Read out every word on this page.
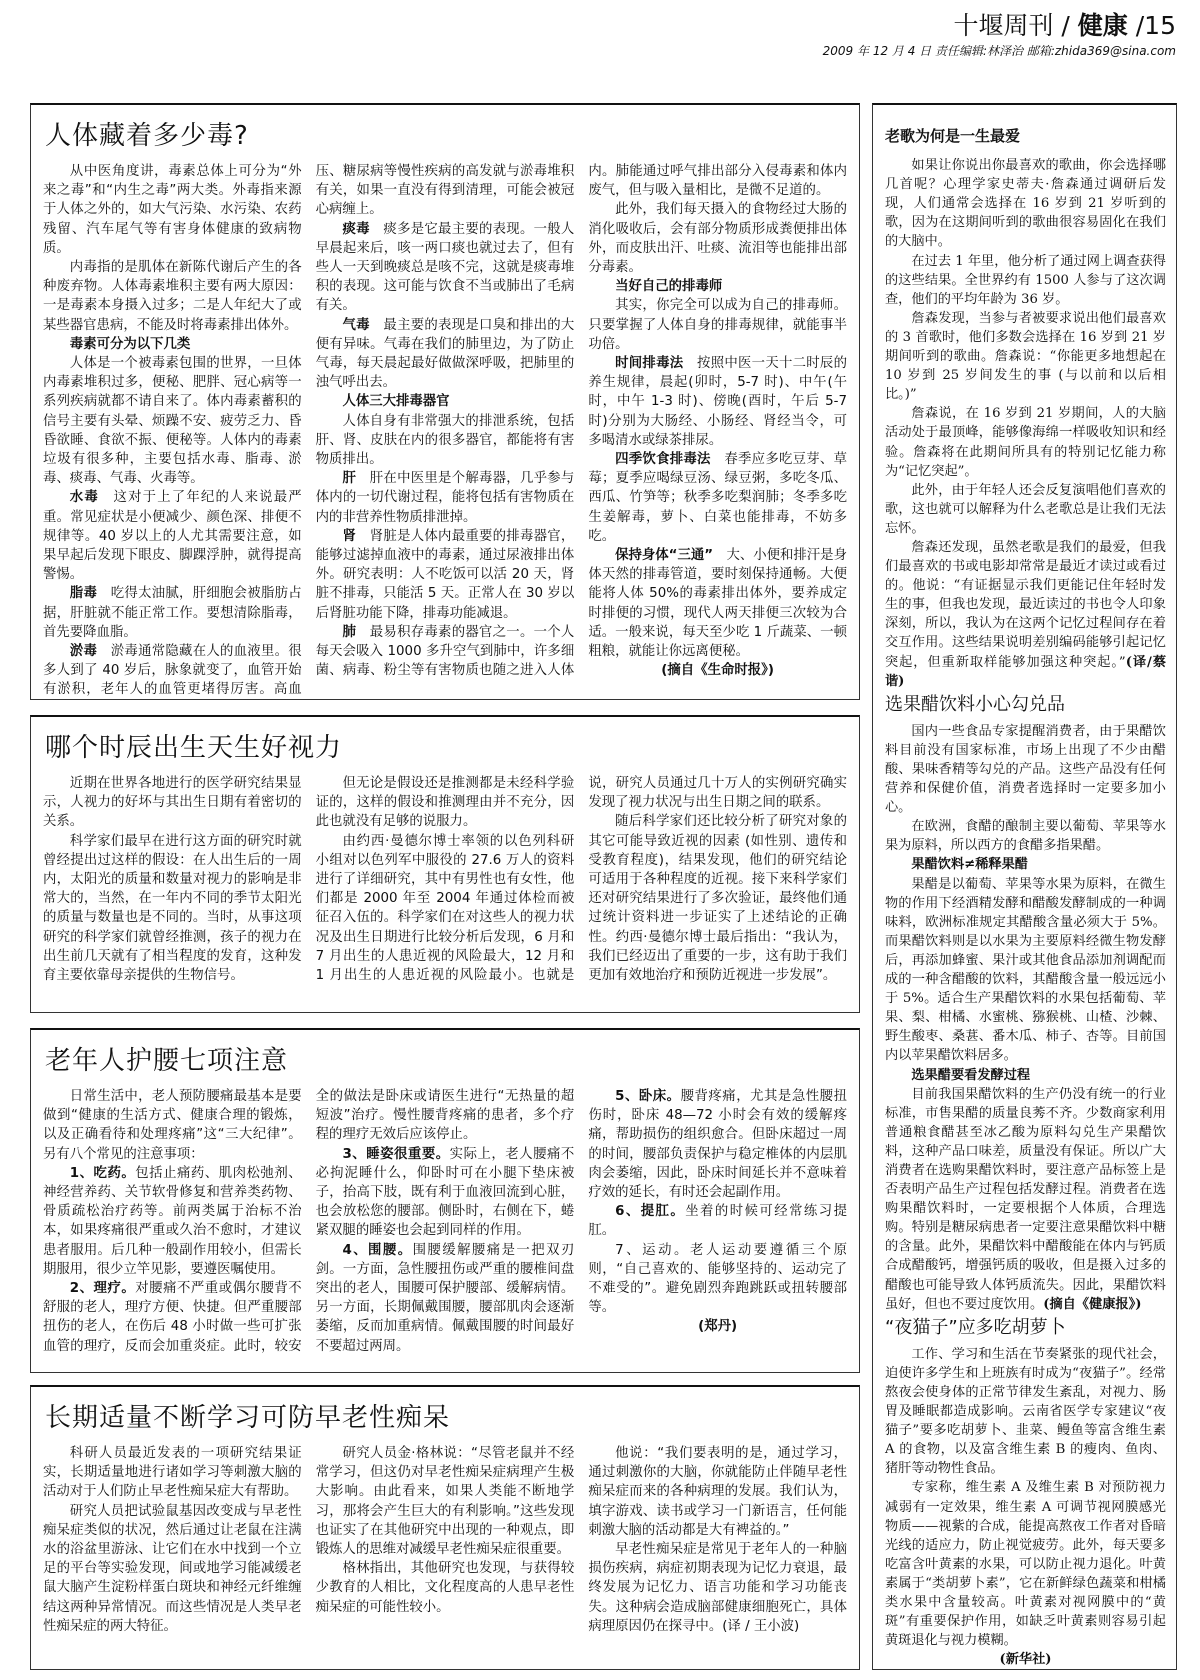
十堰周刊 / 健康 /15
2009 年 12 月 4 日 责任编辑:林泽治 邮箱:zhida369@sina.com
人体藏着多少毒?

从中医角度讲，毒素总体上可分为“外来之毒”和“内生之毒”两大类。外毒指来源于人体之外的，如大气污染、水污染、农药残留、汽车尾气等有害身体健康的致病物质。

内毒指的是肌体在新陈代谢后产生的各种废弃物。人体毒素堆积主要有两大原因：一是毒素本身摄入过多；二是人年纪大了或某些器官患病，不能及时将毒素排出体外。

毒素可分为以下几类

人体是一个被毒素包围的世界，一旦体内毒素堆积过多，便秘、肥胖、冠心病等一系列疾病就都不请自来了。体内毒素蓄积的信号主要有头晕、烦躁不安、疲劳乏力、昏昏欲睡、食欲不振、便秘等。人体内的毒素垃圾有很多种，主要包括水毒、脂毒、淤毒、痰毒、气毒、火毒等。

水毒　这对于上了年纪的人来说最严重。常见症状是小便减少、颜色深、排便不规律等。40 岁以上的人尤其需要注意，如果早起后发现下眼皮、脚踝浮肿，就得提高警惕。

脂毒　吃得太油腻，肝细胞会被脂肪占据，肝脏就不能正常工作。要想清除脂毒，首先要降血脂。

淤毒　淤毒通常隐藏在人的血液里。很多人到了 40 岁后，脉象就变了，血管开始有淤积，老年人的血管更堵得厉害。高血压、糖尿病等慢性疾病的高发就与淤毒堆积有关，如果一直没有得到清理，可能会被冠心病缠上。

痰毒　痰多是它最主要的表现。一般人早晨起来后，咳一两口痰也就过去了，但有些人一天到晚痰总是咳不完，这就是痰毒堆积的表现。这可能与饮食不当或肺出了毛病有关。

气毒　最主要的表现是口臭和排出的大便有异味。气毒在我们的肺里边，为了防止气毒，每天晨起最好做做深呼吸，把肺里的浊气呼出去。

人体三大排毒器官

人体自身有非常强大的排泄系统，包括肝、肾、皮肤在内的很多器官，都能将有害物质排出。

肝　肝在中医里是个解毒器，几乎参与体内的一切代谢过程，能将包括有害物质在内的非营养性物质排泄掉。

肾　肾脏是人体内最重要的排毒器官，能够过滤掉血液中的毒素，通过尿液排出体外。研究表明：人不吃饭可以活 20 天，肾脏不排毒，只能活 5 天。正常人在 30 岁以后肾脏功能下降，排毒功能减退。

肺　最易积存毒素的器官之一。一个人每天会吸入 1000 多升空气到肺中，许多细菌、病毒、粉尘等有害物质也随之进入人体内。肺能通过呼气排出部分入侵毒素和体内废气，但与吸入量相比，是微不足道的。

此外，我们每天摄入的食物经过大肠的消化吸收后，会有部分物质形成粪便排出体外，而皮肤出汗、吐痰、流泪等也能排出部分毒素。

当好自己的排毒师

其实，你完全可以成为自己的排毒师。只要掌握了人体自身的排毒规律，就能事半功倍。

时间排毒法　按照中医一天十二时辰的养生规律，晨起(卯时，5-7 时)、中午(午时，中午 1-3 时)、傍晚(酉时，午后 5-7 时)分别为大肠经、小肠经、肾经当令，可多喝清水或绿茶排尿。

四季饮食排毒法　春季应多吃豆芽、草莓；夏季应喝绿豆汤、绿豆粥，多吃冬瓜、西瓜、竹笋等；秋季多吃梨润肺；冬季多吃生姜解毒，萝卜、白菜也能排毒，不妨多吃。

保持身体“三通”　大、小便和排汗是身体天然的排毒管道，要时刻保持通畅。大便能将人体 50%的毒素排出体外，要养成定时排便的习惯，现代人两天排便三次较为合适。一般来说，每天至少吃 1 斤蔬菜、一顿粗粮，就能让你远离便秘。

(摘自《生命时报》)

哪个时辰出生天生好视力

近期在世界各地进行的医学研究结果显示，人视力的好坏与其出生日期有着密切的关系。

科学家们最早在进行这方面的研究时就曾经提出过这样的假设：在人出生后的一周内，太阳光的质量和数量对视力的影响是非常大的，当然，在一年内不同的季节太阳光的质量与数量也是不同的。当时，从事这项研究的科学家们就曾经推测，孩子的视力在出生前几天就有了相当程度的发育，这种发育主要依靠母亲提供的生物信号。

但无论是假设还是推测都是未经科学验证的，这样的假设和推测理由并不充分，因此也就没有足够的说服力。

由约西·曼德尔博士率领的以色列科研小组对以色列军中服役的 27.6 万人的资料进行了详细研究，其中有男性也有女性，他们都是 2000 年至 2004 年通过体检而被征召入伍的。科学家们在对这些人的视力状况及出生日期进行比较分析后发现，6 月和 7 月出生的人患近视的风险最大，12 月和 1 月出生的人患近视的风险最小。也就是说，研究人员通过几十万人的实例研究确实发现了视力状况与出生日期之间的联系。

随后科学家们还比较分析了研究对象的其它可能导致近视的因素 (如性别、遗传和受教育程度)，结果发现，他们的研究结论可适用于各种程度的近视。接下来科学家们还对研究结果进行了多次验证，最终他们通过统计资料进一步证实了上述结论的正确性。约西·曼德尔博士最后指出：“我认为，我们已经迈出了重要的一步，这有助于我们更加有效地治疗和预防近视进一步发展”。

老年人护腰七项注意

日常生活中，老人预防腰痛最基本是要做到“健康的生活方式、健康合理的锻炼，以及正确看待和处理疼痛”这“三大纪律”。另有八个常见的注意事项：

1、吃药。包括止痛药、肌肉松弛剂、神经营养药、关节软骨修复和营养类药物、骨质疏松治疗药等。前两类属于治标不治本，如果疼痛很严重或久治不愈时，才建议患者服用。后几种一般副作用较小，但需长期服用，很少立竿见影，要遵医嘱使用。

2、理疗。对腰痛不严重或偶尔腰背不舒服的老人，理疗方便、快捷。但严重腰部扭伤的老人，在伤后 48 小时做一些可扩张血管的理疗，反而会加重炎症。此时，较安全的做法是卧床或请医生进行“无热量的超短波”治疗。慢性腰背疼痛的患者，多个疗程的理疗无效后应该停止。

3、睡姿很重要。实际上，老人腰痛不必拘泥睡什么，仰卧时可在小腿下垫床被子，抬高下肢，既有利于血液回流到心脏，也会放松您的腰部。侧卧时，右侧在下，蜷紧双腿的睡姿也会起到同样的作用。

4、围腰。围腰缓解腰痛是一把双刃剑。一方面，急性腰扭伤或严重的腰椎间盘突出的老人，围腰可保护腰部、缓解病情。另一方面，长期佩戴围腰，腰部肌肉会逐渐萎缩，反而加重病情。佩戴围腰的时间最好不要超过两周。

5、卧床。腰背疼痛，尤其是急性腰扭伤时，卧床 48—72 小时会有效的缓解疼痛，帮助损伤的组织愈合。但卧床超过一周的时间，腰部负责保护与稳定椎体的内层肌肉会萎缩，因此，卧床时间延长并不意味着疗效的延长，有时还会起副作用。

6、提肛。坐着的时候可经常练习提肛。

7、运动。老人运动要遵循三个原则，“自己喜欢的、能够坚持的、运动完了不难受的”。避免剧烈奔跑跳跃或扭转腰部等。

(郑丹)

长期适量不断学习可防早老性痴呆

科研人员最近发表的一项研究结果证实，长期适量地进行诸如学习等刺激大脑的活动对于人们防止早老性痴呆症大有帮助。

研究人员把试验鼠基因改变成与早老性痴呆症类似的状况，然后通过让老鼠在注满水的浴盆里游泳、让它们在水中找到一个立足的平台等实验发现，间或地学习能减缓老鼠大脑产生淀粉样蛋白斑块和神经元纤维缠结这两种异常情况。而这些情况是人类早老性痴呆症的两大特征。

研究人员金·格林说：“尽管老鼠并不经常学习，但这仍对早老性痴呆症病理产生极大影响。由此看来，如果人类能不断地学习，那将会产生巨大的有利影响。”这些发现也证实了在其他研究中出现的一种观点，即锻炼人的思维对减缓早老性痴呆症很重要。

格林指出，其他研究也发现，与获得较少教育的人相比，文化程度高的人患早老性痴呆症的可能性较小。

他说：“我们要表明的是，通过学习，通过刺激你的大脑，你就能防止伴随早老性痴呆症而来的各种病理的发展。我们认为，填字游戏、读书或学习一门新语言，任何能刺激大脑的活动都是大有裨益的。”

早老性痴呆症是常见于老年人的一种脑损伤疾病，病症初期表现为记忆力衰退，最终发展为记忆力、语言功能和学习功能丧失。这种病会造成脑部健康细胞死亡，具体病理原因仍在探寻中。(译 / 王小波)

老歌为何是一生最爱

如果让你说出你最喜欢的歌曲，你会选择哪几首呢？心理学家史蒂夫·詹森通过调研后发现，人们通常会选择在 16 岁到 21 岁听到的歌，因为在这期间听到的歌曲很容易固化在我们的大脑中。

在过去 1 年里，他分析了通过网上调查获得的这些结果。全世界约有 1500 人参与了这次调查，他们的平均年龄为 36 岁。

詹森发现，当参与者被要求说出他们最喜欢的 3 首歌时，他们多数会选择在 16 岁到 21 岁期间听到的歌曲。詹森说：“你能更多地想起在 10 岁到 25 岁间发生的事 (与以前和以后相比。)”

詹森说，在 16 岁到 21 岁期间，人的大脑活动处于最顶峰，能够像海绵一样吸收知识和经验。詹森将在此期间所具有的特别记忆能力称为“记忆突起”。

此外，由于年轻人还会反复演唱他们喜欢的歌，这也就可以解释为什么老歌总是让我们无法忘怀。

詹森还发现，虽然老歌是我们的最爱，但我们最喜欢的书或电影却常常是最近才读过或看过的。他说：“有证据显示我们更能记住年轻时发生的事，但我也发现，最近读过的书也令人印象深刻，所以，我认为在这两个记忆过程间存在着交互作用。这些结果说明差别编码能够引起记忆突起，但重新取样能够加强这种突起。”(译/蔡谐)

选果醋饮料小心勾兑品

国内一些食品专家提醒消费者，由于果醋饮料目前没有国家标准，市场上出现了不少由醋酸、果味香精等勾兑的产品。这些产品没有任何营养和保健价值，消费者选择时一定要多加小心。

在欧洲，食醋的酿制主要以葡萄、苹果等水果为原料，所以西方的食醋多指果醋。

果醋饮料≠稀释果醋

果醋是以葡萄、苹果等水果为原料，在微生物的作用下经酒精发酵和醋酸发酵制成的一种调味料，欧洲标准规定其醋酸含量必须大于 5%。而果醋饮料则是以水果为主要原料经微生物发酵后，再添加蜂蜜、果汁或其他食品添加剂调配而成的一种含醋酸的饮料，其醋酸含量一般远远小于 5%。适合生产果醋饮料的水果包括葡萄、苹果、梨、柑橘、水蜜桃、猕猴桃、山楂、沙棘、野生酸枣、桑葚、番木瓜、柿子、杏等。目前国内以苹果醋饮料居多。

选果醋要看发酵过程

目前我国果醋饮料的生产仍没有统一的行业标准，市售果醋的质量良莠不齐。少数商家利用普通粮食醋甚至冰乙酸为原料勾兑生产果醋饮料，这种产品口味差，质量没有保证。所以广大消费者在选购果醋饮料时，要注意产品标签上是否表明产品生产过程包括发酵过程。消费者在选购果醋饮料时，一定要根据个人体质，合理选购。特别是糖尿病患者一定要注意果醋饮料中糖的含量。此外，果醋饮料中醋酸能在体内与钙质合成醋酸钙，增强钙质的吸收，但是摄入过多的醋酸也可能导致人体钙质流失。因此，果醋饮料虽好，但也不要过度饮用。(摘自《健康报》)

“夜猫子”应多吃胡萝卜

工作、学习和生活在节奏紧张的现代社会，迫使许多学生和上班族有时成为“夜猫子”。经常熬夜会使身体的正常节律发生紊乱，对视力、肠胃及睡眠都造成影响。云南省医学专家建议“夜猫子”要多吃胡萝卜、韭菜、鳗鱼等富含维生素 A 的食物，以及富含维生素 B 的瘦肉、鱼肉、猪肝等动物性食品。

专家称，维生素 A 及维生素 B 对预防视力减弱有一定效果，维生素 A 可调节视网膜感光物质——视紫的合成，能提高熬夜工作者对昏暗光线的适应力，防止视觉疲劳。此外，每天要多吃富含叶黄素的水果，可以防止视力退化。叶黄素属于“类胡萝卜素”，它在新鲜绿色蔬菜和柑橘类水果中含量较高。叶黄素对视网膜中的“黄斑”有重要保护作用，如缺乏叶黄素则容易引起黄斑退化与视力模糊。

(新华社)
